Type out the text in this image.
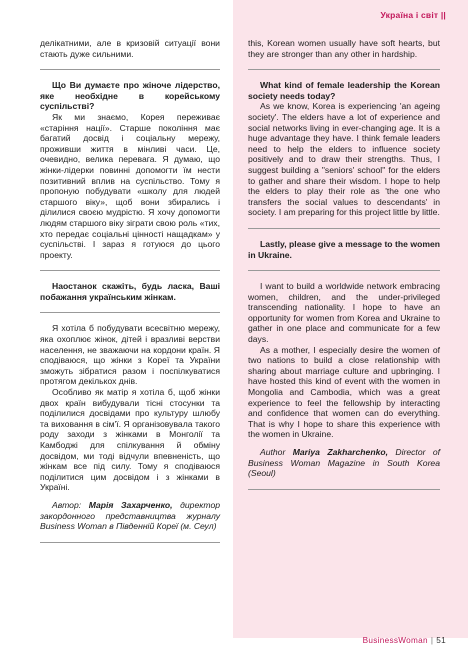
Україна і світ ||

делікатними, але в кризовій ситуації вони стають дуже сильними.

Що Ви думаєте про жіноче лідерство, яке необхідне в корейському суспільстві?

Як ми знаємо, Корея переживає «старіння нації». Старше покоління має багатий досвід і соціальну мережу, проживши життя в мінливі часи. Це, очевидно, велика перевага. Я думаю, що жінки-лідерки повинні допомогти їм нести позитивний вплив на суспільство. Тому я пропоную побудувати «школу для людей старшого віку», щоб вони збирались і ділилися своєю мудрістю. Я хочу допомогти людям старшого віку зіграти свою роль «тих, хто передає соціальні цінності нащадкам» у суспільстві. І зараз я готуюся до цього проекту.

Наостанок скажіть, будь ласка, Ваші побажання українським жінкам.

Я хотіла б побудувати всесвітню мережу, яка охоплює жінок, дітей і вразливі верстви населення, не зважаючи на кордони країн. Я сподіваюся, що жінки з Кореї та України зможуть зібратися разом і поспілкуватися протягом декількох днів.

Особливо як матір я хотіла б, щоб жінки двох країн вибудували тісні стосунки та поділилися досвідами про культуру шлюбу та виховання в сім'ї. Я організовувала такого роду заходи з жінками в Монголії та Камбоджі для спілкування й обміну досвідом, ми тоді відчули впевненість, що жінкам все під силу. Тому я сподіваюся поділитися цим досвідом і з жінками в Україні.

Автор: Марія Захарченко, директор закордонного представництва журналу Business Woman в Південній Кореї (м. Сеул)

this, Korean women usually have soft hearts, but they are stronger than any other in hardship.

What kind of female leadership the Korean society needs today?

As we know, Korea is experiencing 'an ageing society'. The elders have a lot of experience and social networks living in ever-changing age. It is a huge advantage they have. I think female leaders need to help the elders to influence society positively and to draw their strengths. Thus, I suggest building a "seniors' school" for the elders to gather and share their wisdom. I hope to help the elders to play their role as 'the one who transfers the social values to descendants' in society. I am preparing for this project little by little.

Lastly, please give a message to the women in Ukraine.

I want to build a worldwide network embracing women, children, and the under-privileged transcending nationality. I hope to have an opportunity for women from Korea and Ukraine to gather in one place and communicate for a few days.

As a mother, I especially desire the women of two nations to build a close relationship with sharing about marriage culture and upbringing. I have hosted this kind of event with the women in Mongolia and Cambodia, which was a great experience to feel the fellowship by interacting and confidence that women can do everything. That is why I hope to share this experience with the women in Ukraine.

Author Mariya Zakharchenko, Director of Business Woman Magazine in South Korea (Seoul)

BusinessWoman | 51
